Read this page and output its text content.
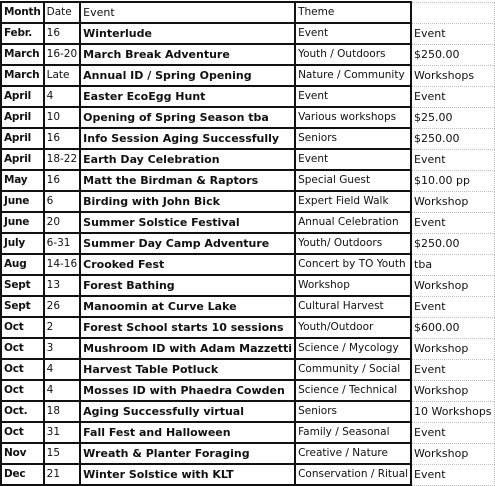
Month	Date	Event	Theme	
Febr.	16	Winterlude	Event	Event
March	16-20	March Break Adventure	Youth / Outdoors	$250.00
March	Late	Annual ID / Spring Opening	Nature / Community	Workshops
April	4	Easter EcoEgg Hunt	Event	Event
April	10	Opening of Spring Season tba	Various workshops	$25.00
April	16	Info Session Aging Successfully	Seniors	$250.00
April	18-22	Earth Day Celebration	Event	Event
May	16	Matt the Birdman & Raptors	Special Guest	$10.00 pp
June	6	Birding with John Bick	Expert Field Walk	Workshop
June	20	Summer Solstice Festival	Annual Celebration	Event
July	6-31	Summer Day Camp Adventure	Youth/ Outdoors	$250.00
Aug	14-16	Crooked Fest	Concert by TO Youth	tba
Sept	13	Forest Bathing	Workshop	Workshop
Sept	26	Manoomin at Curve Lake	Cultural Harvest	Event
Oct	2	Forest School starts 10 sessions	Youth/Outdoor	$600.00
Oct	3	Mushroom ID with Adam Mazzetti	Science / Mycology	Workshop
Oct	4	Harvest Table Potluck	Community / Social	Event
Oct	4	Mosses ID with Phaedra Cowden	Science / Technical	Workshop
Oct.	18	Aging Successfully virtual	Seniors	10 Workshops
Oct	31	Fall Fest and Halloween	Family / Seasonal	Event
Nov	15	Wreath & Planter Foraging	Creative / Nature	Workshop
Dec	21	Winter Solstice with KLT	Conservation / Ritual	Event
